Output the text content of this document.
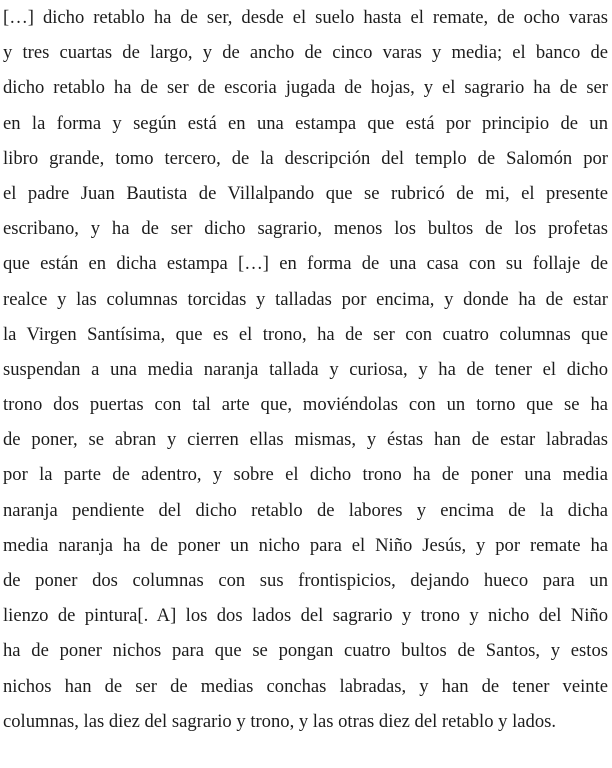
[…] dicho retablo ha de ser, desde el suelo hasta el remate, de ocho varas
y tres cuartas de largo, y de ancho de cinco varas y media; el banco de
dicho retablo ha de ser de escoria jugada de hojas, y el sagrario ha de ser
en la forma y según está en una estampa que está por principio de un
libro grande, tomo tercero, de la descripción del templo de Salomón por
el padre Juan Bautista de Villalpando que se rubricó de mi, el presente
escribano, y ha de ser dicho sagrario, menos los bultos de los profetas
que están en dicha estampa […] en forma de una casa con su follaje de
realce y las columnas torcidas y talladas por encima, y donde ha de estar
la Virgen Santísima, que es el trono, ha de ser con cuatro columnas que
suspendan a una media naranja tallada y curiosa, y ha de tener el dicho
trono dos puertas con tal arte que, moviéndolas con un torno que se ha
de poner, se abran y cierren ellas mismas, y éstas han de estar labradas
por la parte de adentro, y sobre el dicho trono ha de poner una media
naranja pendiente del dicho retablo de labores y encima de la dicha
media naranja ha de poner un nicho para el Niño Jesús, y por remate ha
de poner dos columnas con sus frontispicios, dejando hueco para un
lienzo de pintura[. A] los dos lados del sagrario y trono y nicho del Niño
ha de poner nichos para que se pongan cuatro bultos de Santos, y estos
nichos han de ser de medias conchas labradas, y han de tener veinte
columnas, las diez del sagrario y trono, y las otras diez del retablo y lados.
